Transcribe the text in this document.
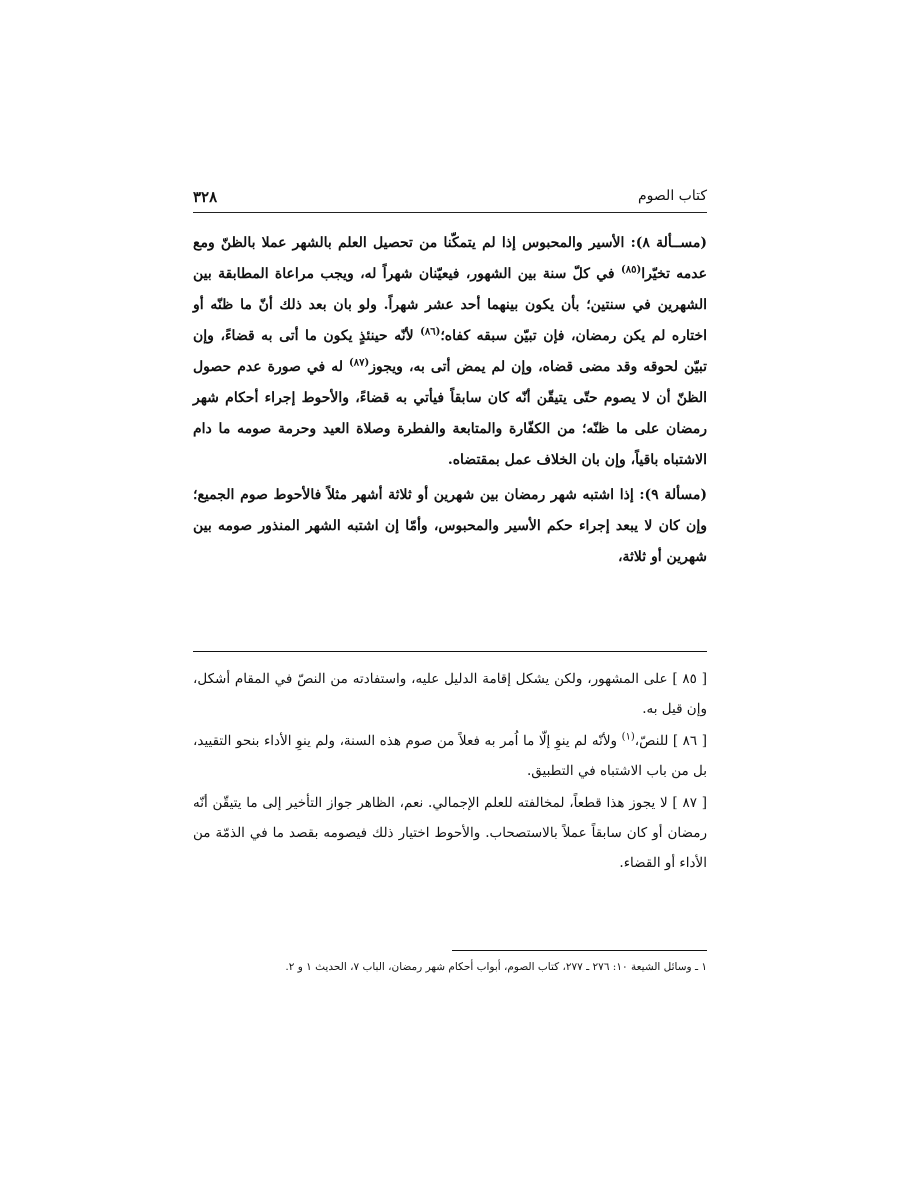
كتاب الصوم
٣٢٨

(مســألة ٨): الأسير والمحبوس إذا لم يتمكّنا من تحصيل العلم بالشهر عملا بالظنّ ومع عدمه تخيّرا$^{(٨٥)}$ في كلّ سنة بين الشهور، فيعيّنان شهراً له، ويجب مراعاة المطابقة بين الشهرين في سنتين؛ بأن يكون بينهما أحد عشر شهراً. ولو بان بعد ذلك أنّ ما ظنّه أو اختاره لم يكن رمضان، فإن تبيّن سبقه كفاه؛$^{(٨٦)}$ لأنّه حينئذٍ يكون ما أتى به قضاءً، وإن تبيّن لحوقه وقد مضى قضاه، وإن لم يمض أتى به، ويجوز$^{(٨٧)}$ له في صورة عدم حصول الظنّ أن لا يصوم حتّى يتيقّن أنّه كان سابقاً فيأتي به قضاءً، والأحوط إجراء أحكام شهر رمضان على ما ظنّه؛ من الكفّارة والمتابعة والفطرة وصلاة العيد وحرمة صومه ما دام الاشتباه باقياً، وإن بان الخلاف عمل بمقتضاه.

(مسألة ٩): إذا اشتبه شهر رمضان بين شهرين أو ثلاثة أشهر مثلاً فالأحوط صوم الجميع؛ وإن كان لا يبعد إجراء حكم الأسير والمحبوس، وأمّا إن اشتبه الشهر المنذور صومه بين شهرين أو ثلاثة،

[ ٨٥ ] على المشهور، ولكن يشكل إقامة الدليل عليه، واستفادته من النصّ في المقام أشكل، وإن قيل به.

[ ٨٦ ] للنصّ،$^{(١)}$ ولأنّه لم ينوِ إلّا ما اُمر به فعلاً من صوم هذه السنة، ولم ينوِ الأداء بنحو التقييد، بل من باب الاشتباه في التطبيق.

[ ٨٧ ] لا يجوز هذا قطعاً، لمخالفته للعلم الإجمالي. نعم، الظاهر جواز التأخير إلى ما يتيقّن أنّه رمضان أو كان سابقاً عملاً بالاستصحاب. والأحوط اختيار ذلك فيصومه بقصد ما في الذمّة من الأداء أو القضاء.

١ ـ وسائل الشيعة ١٠: ٢٧٦ ـ ٢٧٧، كتاب الصوم، أبواب أحكام شهر رمضان، الباب ٧، الحديث ١ و ٢.
